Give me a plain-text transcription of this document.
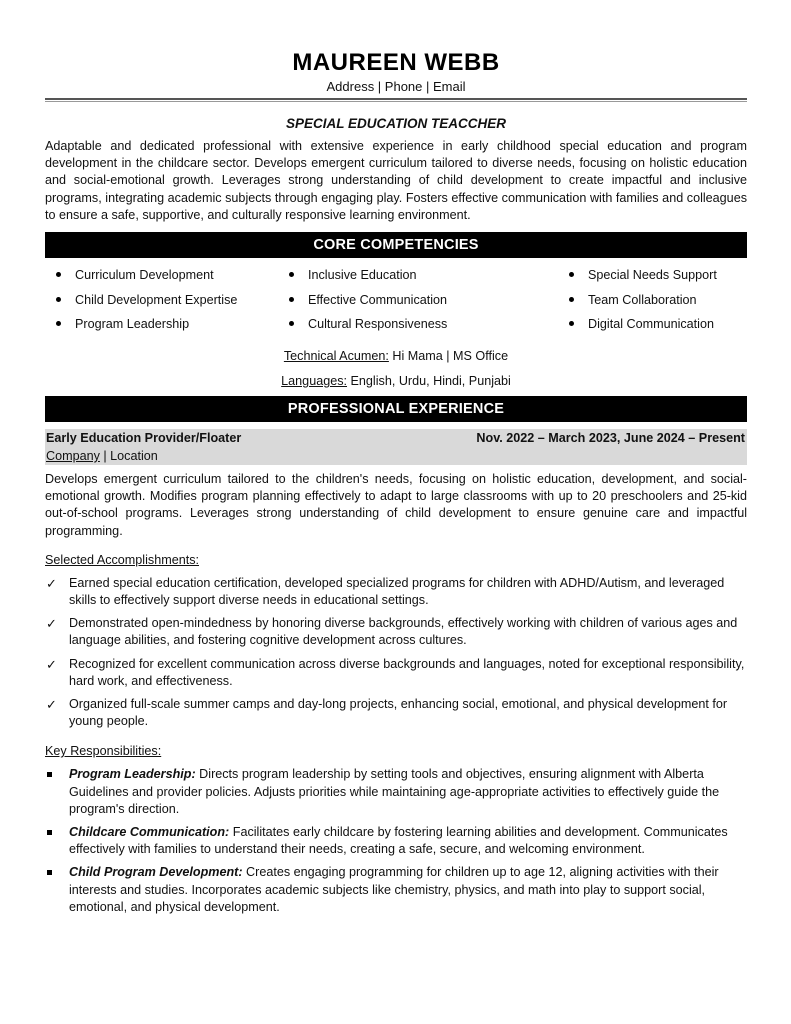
MAUREEN WEBB
Address | Phone | Email
SPECIAL EDUCATION TEACCHER
Adaptable and dedicated professional with extensive experience in early childhood special education and program development in the childcare sector. Develops emergent curriculum tailored to diverse needs, focusing on holistic education and social-emotional growth. Leverages strong understanding of child development to create impactful and inclusive programs, integrating academic subjects through engaging play. Fosters effective communication with families and colleagues to ensure a safe, supportive, and culturally responsive learning environment.
CORE COMPETENCIES
Curriculum Development
Child Development Expertise
Program Leadership
Inclusive Education
Effective Communication
Cultural Responsiveness
Special Needs Support
Team Collaboration
Digital Communication
Technical Acumen: Hi Mama | MS Office
Languages: English, Urdu, Hindi, Punjabi
PROFESSIONAL EXPERIENCE
Early Education Provider/Floater	Nov. 2022 – March 2023, June 2024 – Present
Company | Location
Develops emergent curriculum tailored to the children's needs, focusing on holistic education, development, and social-emotional growth. Modifies program planning effectively to adapt to large classrooms with up to 20 preschoolers and 25-kid out-of-school programs. Leverages strong understanding of child development to ensure genuine care and impactful programming.
Selected Accomplishments:
✓ Earned special education certification, developed specialized programs for children with ADHD/Autism, and leveraged skills to effectively support diverse needs in educational settings.
✓ Demonstrated open-mindedness by honoring diverse backgrounds, effectively working with children of various ages and language abilities, and fostering cognitive development across cultures.
✓ Recognized for excellent communication across diverse backgrounds and languages, noted for exceptional responsibility, hard work, and effectiveness.
✓ Organized full-scale summer camps and day-long projects, enhancing social, emotional, and physical development for young people.
Key Responsibilities:
Program Leadership: Directs program leadership by setting tools and objectives, ensuring alignment with Alberta Guidelines and provider policies. Adjusts priorities while maintaining age-appropriate activities to effectively guide the program's direction.
Childcare Communication: Facilitates early childcare by fostering learning abilities and development. Communicates effectively with families to understand their needs, creating a safe, secure, and welcoming environment.
Child Program Development: Creates engaging programming for children up to age 12, aligning activities with their interests and studies. Incorporates academic subjects like chemistry, physics, and math into play to support social, emotional, and physical development.
